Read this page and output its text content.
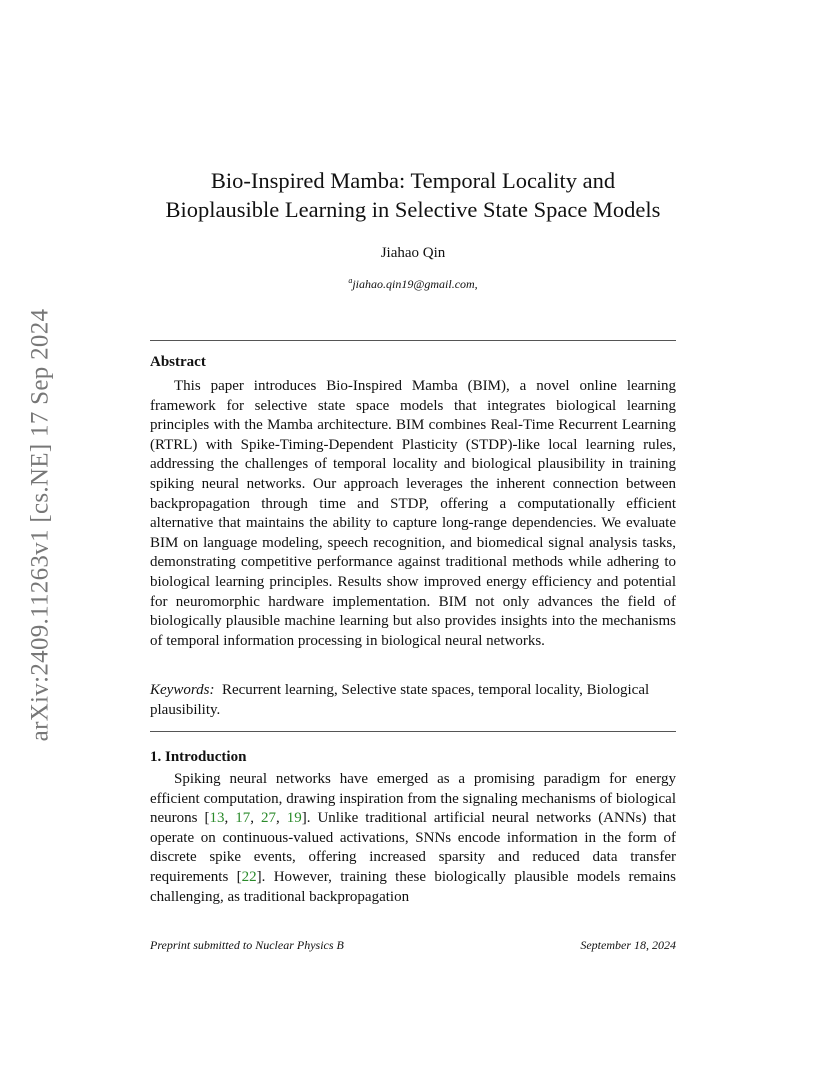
arXiv:2409.11263v1 [cs.NE] 17 Sep 2024
Bio-Inspired Mamba: Temporal Locality and
Bioplausible Learning in Selective State Space Models
Jiahao Qin
$^a$jiahao.qin19@gmail.com,
Abstract

This paper introduces Bio-Inspired Mamba (BIM), a novel online learning framework for selective state space models that integrates biological learning principles with the Mamba architecture. BIM combines Real-Time Recurrent Learning (RTRL) with Spike-Timing-Dependent Plasticity (STDP)-like local learning rules, addressing the challenges of temporal locality and biological plausibility in training spiking neural networks. Our approach leverages the inherent connection between backpropagation through time and STDP, offering a computationally efficient alternative that maintains the ability to capture long-range dependencies. We evaluate BIM on language modeling, speech recognition, and biomedical signal analysis tasks, demonstrating competitive performance against traditional methods while adhering to biological learning principles. Results show improved energy efficiency and potential for neuromorphic hardware implementation. BIM not only advances the field of biologically plausible machine learning but also provides insights into the mechanisms of temporal information processing in biological neural networks.

Keywords: Recurrent learning, Selective state spaces, temporal locality, Biological plausibility.

1. Introduction

Spiking neural networks have emerged as a promising paradigm for energy efficient computation, drawing inspiration from the signaling mechanisms of biological neurons [13, 17, 27, 19]. Unlike traditional artificial neural networks (ANNs) that operate on continuous-valued activations, SNNs encode information in the form of discrete spike events, offering increased sparsity and reduced data transfer requirements [22]. However, training these biologically plausible models remains challenging, as traditional backpropagation

Preprint submitted to Nuclear Physics B	September 18, 2024
